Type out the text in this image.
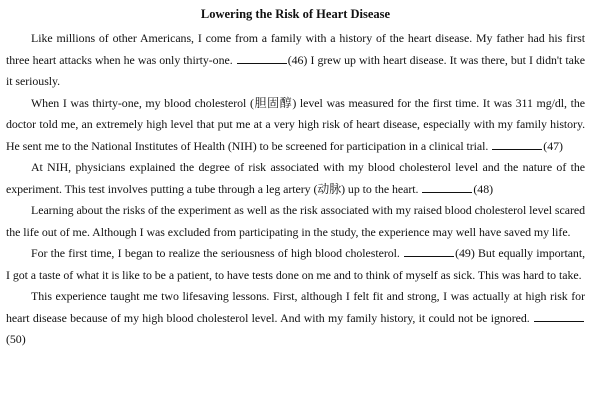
Lowering the Risk of Heart Disease

Like millions of other Americans, I come from a family with a history of the heart disease. My father had his first three heart attacks when he was only thirty-one.	(46) I grew up with heart disease. It was there, but I didn't take it seriously.

When I was thirty-one, my blood cholesterol (胆固醇) level was measured for the first time. It was 311 mg/dl, the doctor told me, an extremely high level that put me at a very high risk of heart disease, especially with my family history. He sent me to the National Institutes of Health (NIH) to be screened for participation in a clinical trial.	(47)

At NIH, physicians explained the degree of risk associated with my blood cholesterol level and the nature of the experiment. This test involves putting a tube through a leg artery (动脉) up to the heart.	(48)

Learning about the risks of the experiment as well as the risk associated with my raised blood cholesterol level scared the life out of me. Although I was excluded from participating in the study, the experience may well have saved my life.

For the first time, I began to realize the seriousness of high blood cholesterol.	(49) But equally important, I got a taste of what it is like to be a patient, to have tests done on me and to think of myself as sick. This was hard to take.

This experience taught me two lifesaving lessons. First, although I felt fit and strong, I was actually at high risk for heart disease because of my high blood cholesterol level. And with my family history, it could not be ignored. (50)
